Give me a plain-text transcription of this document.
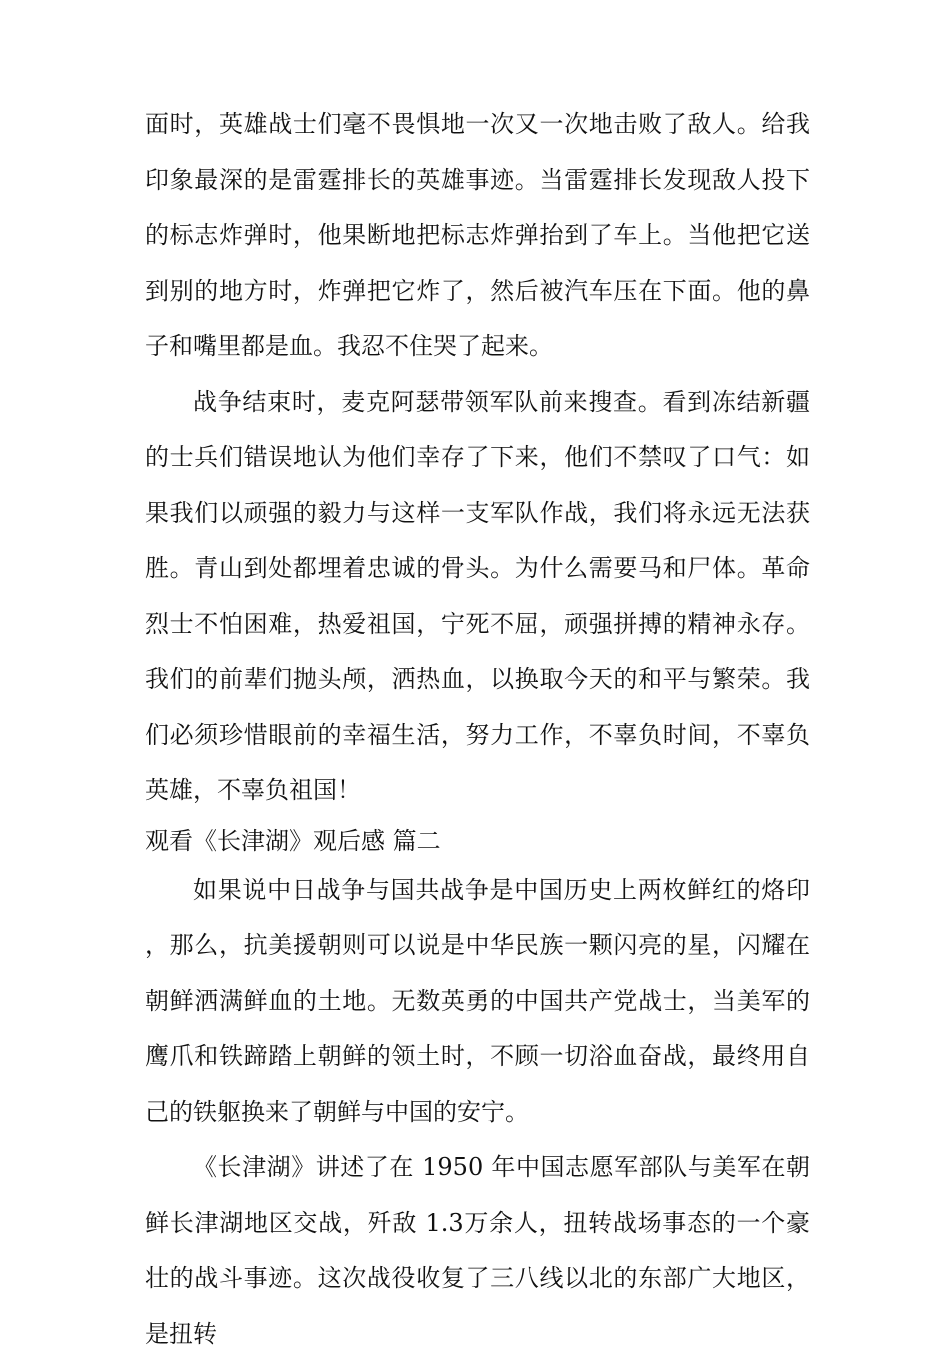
面时，英雄战士们毫不畏惧地一次又一次地击败了敌人。给我印象最深的是雷霆排长的英雄事迹。当雷霆排长发现敌人投下的标志炸弹时，他果断地把标志炸弹抬到了车上。当他把它送到别的地方时，炸弹把它炸了，然后被汽车压在下面。他的鼻子和嘴里都是血。我忍不住哭了起来。

战争结束时，麦克阿瑟带领军队前来搜查。看到冻结新疆的士兵们错误地认为他们幸存了下来，他们不禁叹了口气：如果我们以顽强的毅力与这样一支军队作战，我们将永远无法获胜。青山到处都埋着忠诚的骨头。为什么需要马和尸体。革命烈士不怕困难，热爱祖国，宁死不屈，顽强拼搏的精神永存。我们的前辈们抛头颅，洒热血，以换取今天的和平与繁荣。我们必须珍惜眼前的幸福生活，努力工作，不辜负时间，不辜负英雄，不辜负祖国！

观看《长津湖》观后感 篇二

如果说中日战争与国共战争是中国历史上两枚鲜红的烙印，那么，抗美援朝则可以说是中华民族一颗闪亮的星，闪耀在朝鲜洒满鲜血的土地。无数英勇的中国共产党战士，当美军的鹰爪和铁蹄踏上朝鲜的领土时，不顾一切浴血奋战，最终用自己的铁躯换来了朝鲜与中国的安宁。

《长津湖》讲述了在 1950 年中国志愿军部队与美军在朝鲜长津湖地区交战，歼敌 1.3万余人，扭转战场事态的一个豪壮的战斗事迹。这次战役收复了三八线以北的东部广大地区，是扭转
